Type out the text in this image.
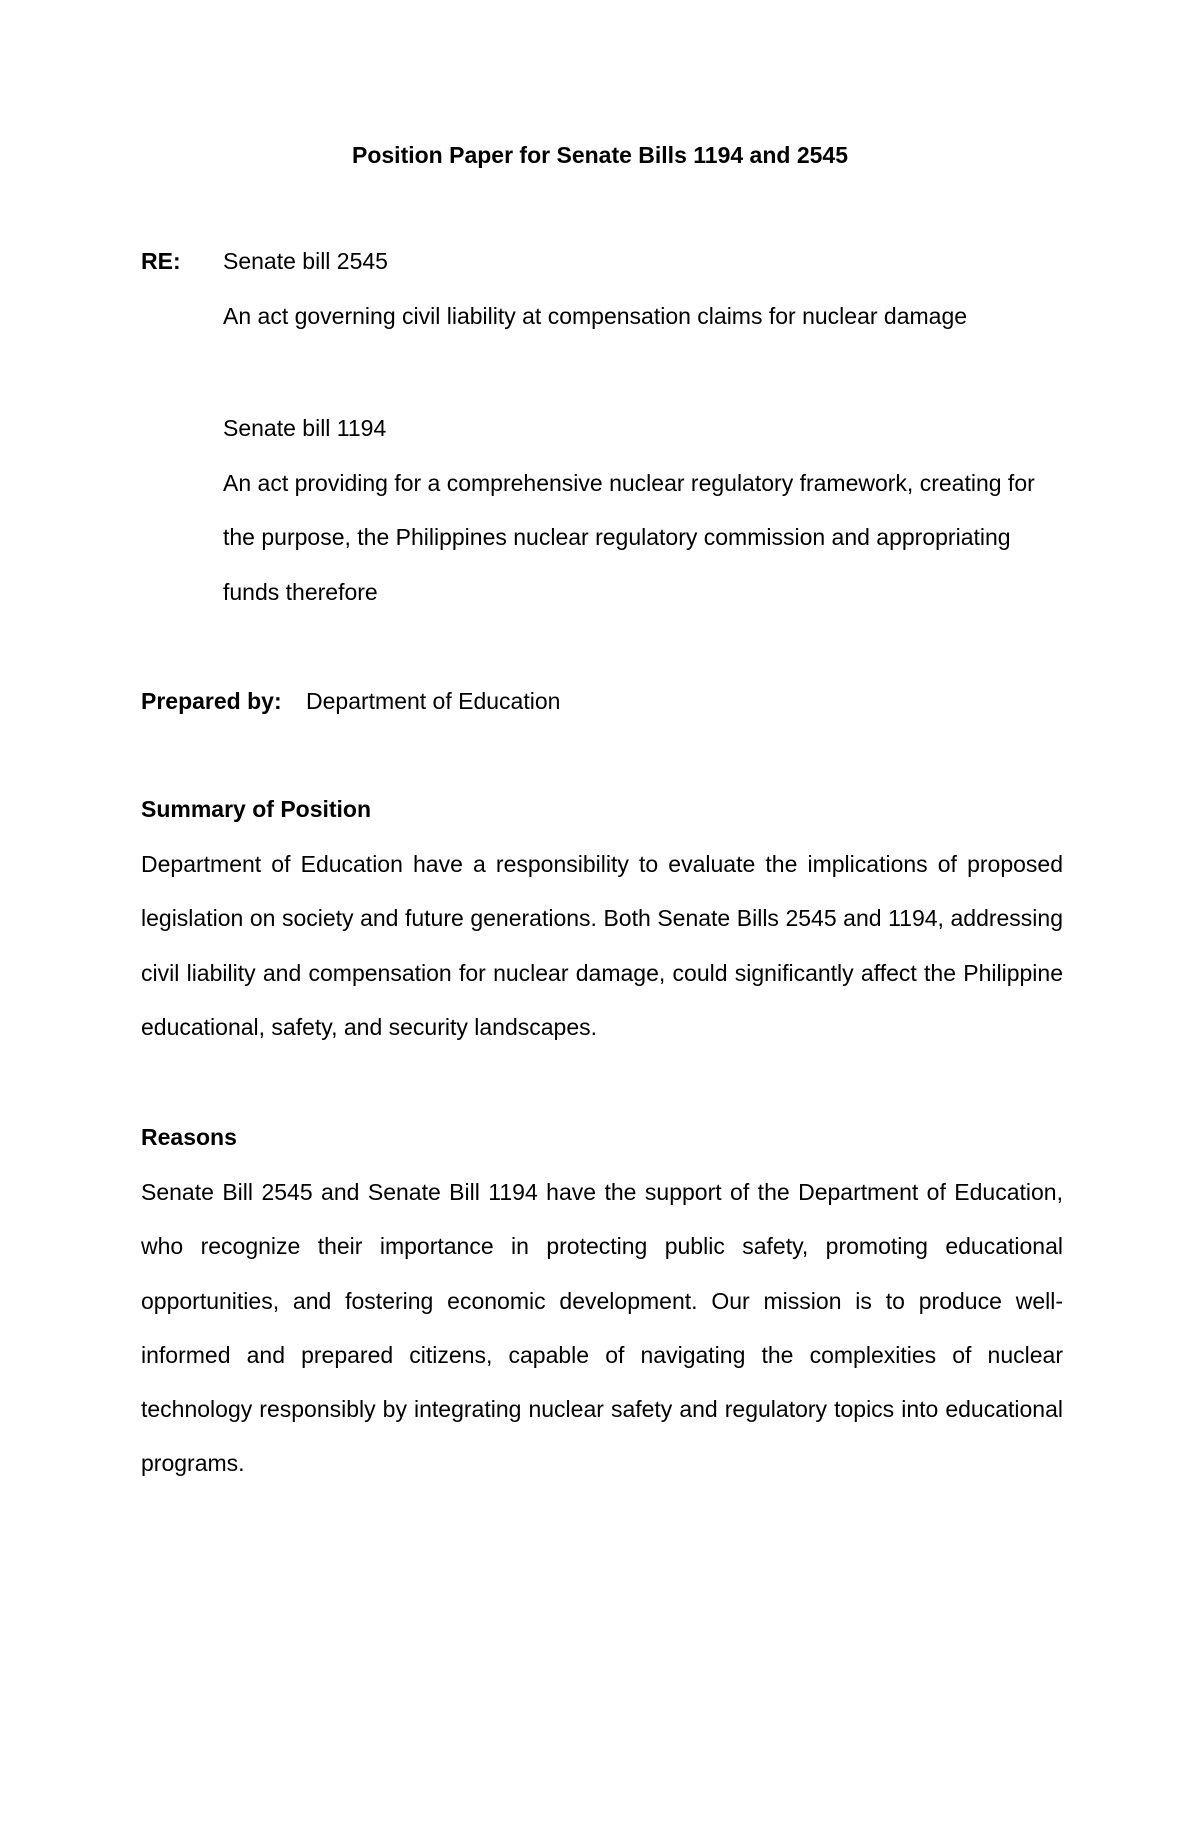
Position Paper for Senate Bills 1194 and 2545
RE: Senate bill 2545
An act governing civil liability at compensation claims for nuclear damage
Senate bill 1194
An act providing for a comprehensive nuclear regulatory framework, creating for
the purpose, the Philippines nuclear regulatory commission and appropriating
funds therefore
Prepared by: Department of Education
Summary of Position
Department of Education have a responsibility to evaluate the implications of proposed legislation on society and future generations. Both Senate Bills 2545 and 1194, addressing civil liability and compensation for nuclear damage, could significantly affect the Philippine educational, safety, and security landscapes.
Reasons
Senate Bill 2545 and Senate Bill 1194 have the support of the Department of Education, who recognize their importance in protecting public safety, promoting educational opportunities, and fostering economic development. Our mission is to produce well-informed and prepared citizens, capable of navigating the complexities of nuclear technology responsibly by integrating nuclear safety and regulatory topics into educational programs.
